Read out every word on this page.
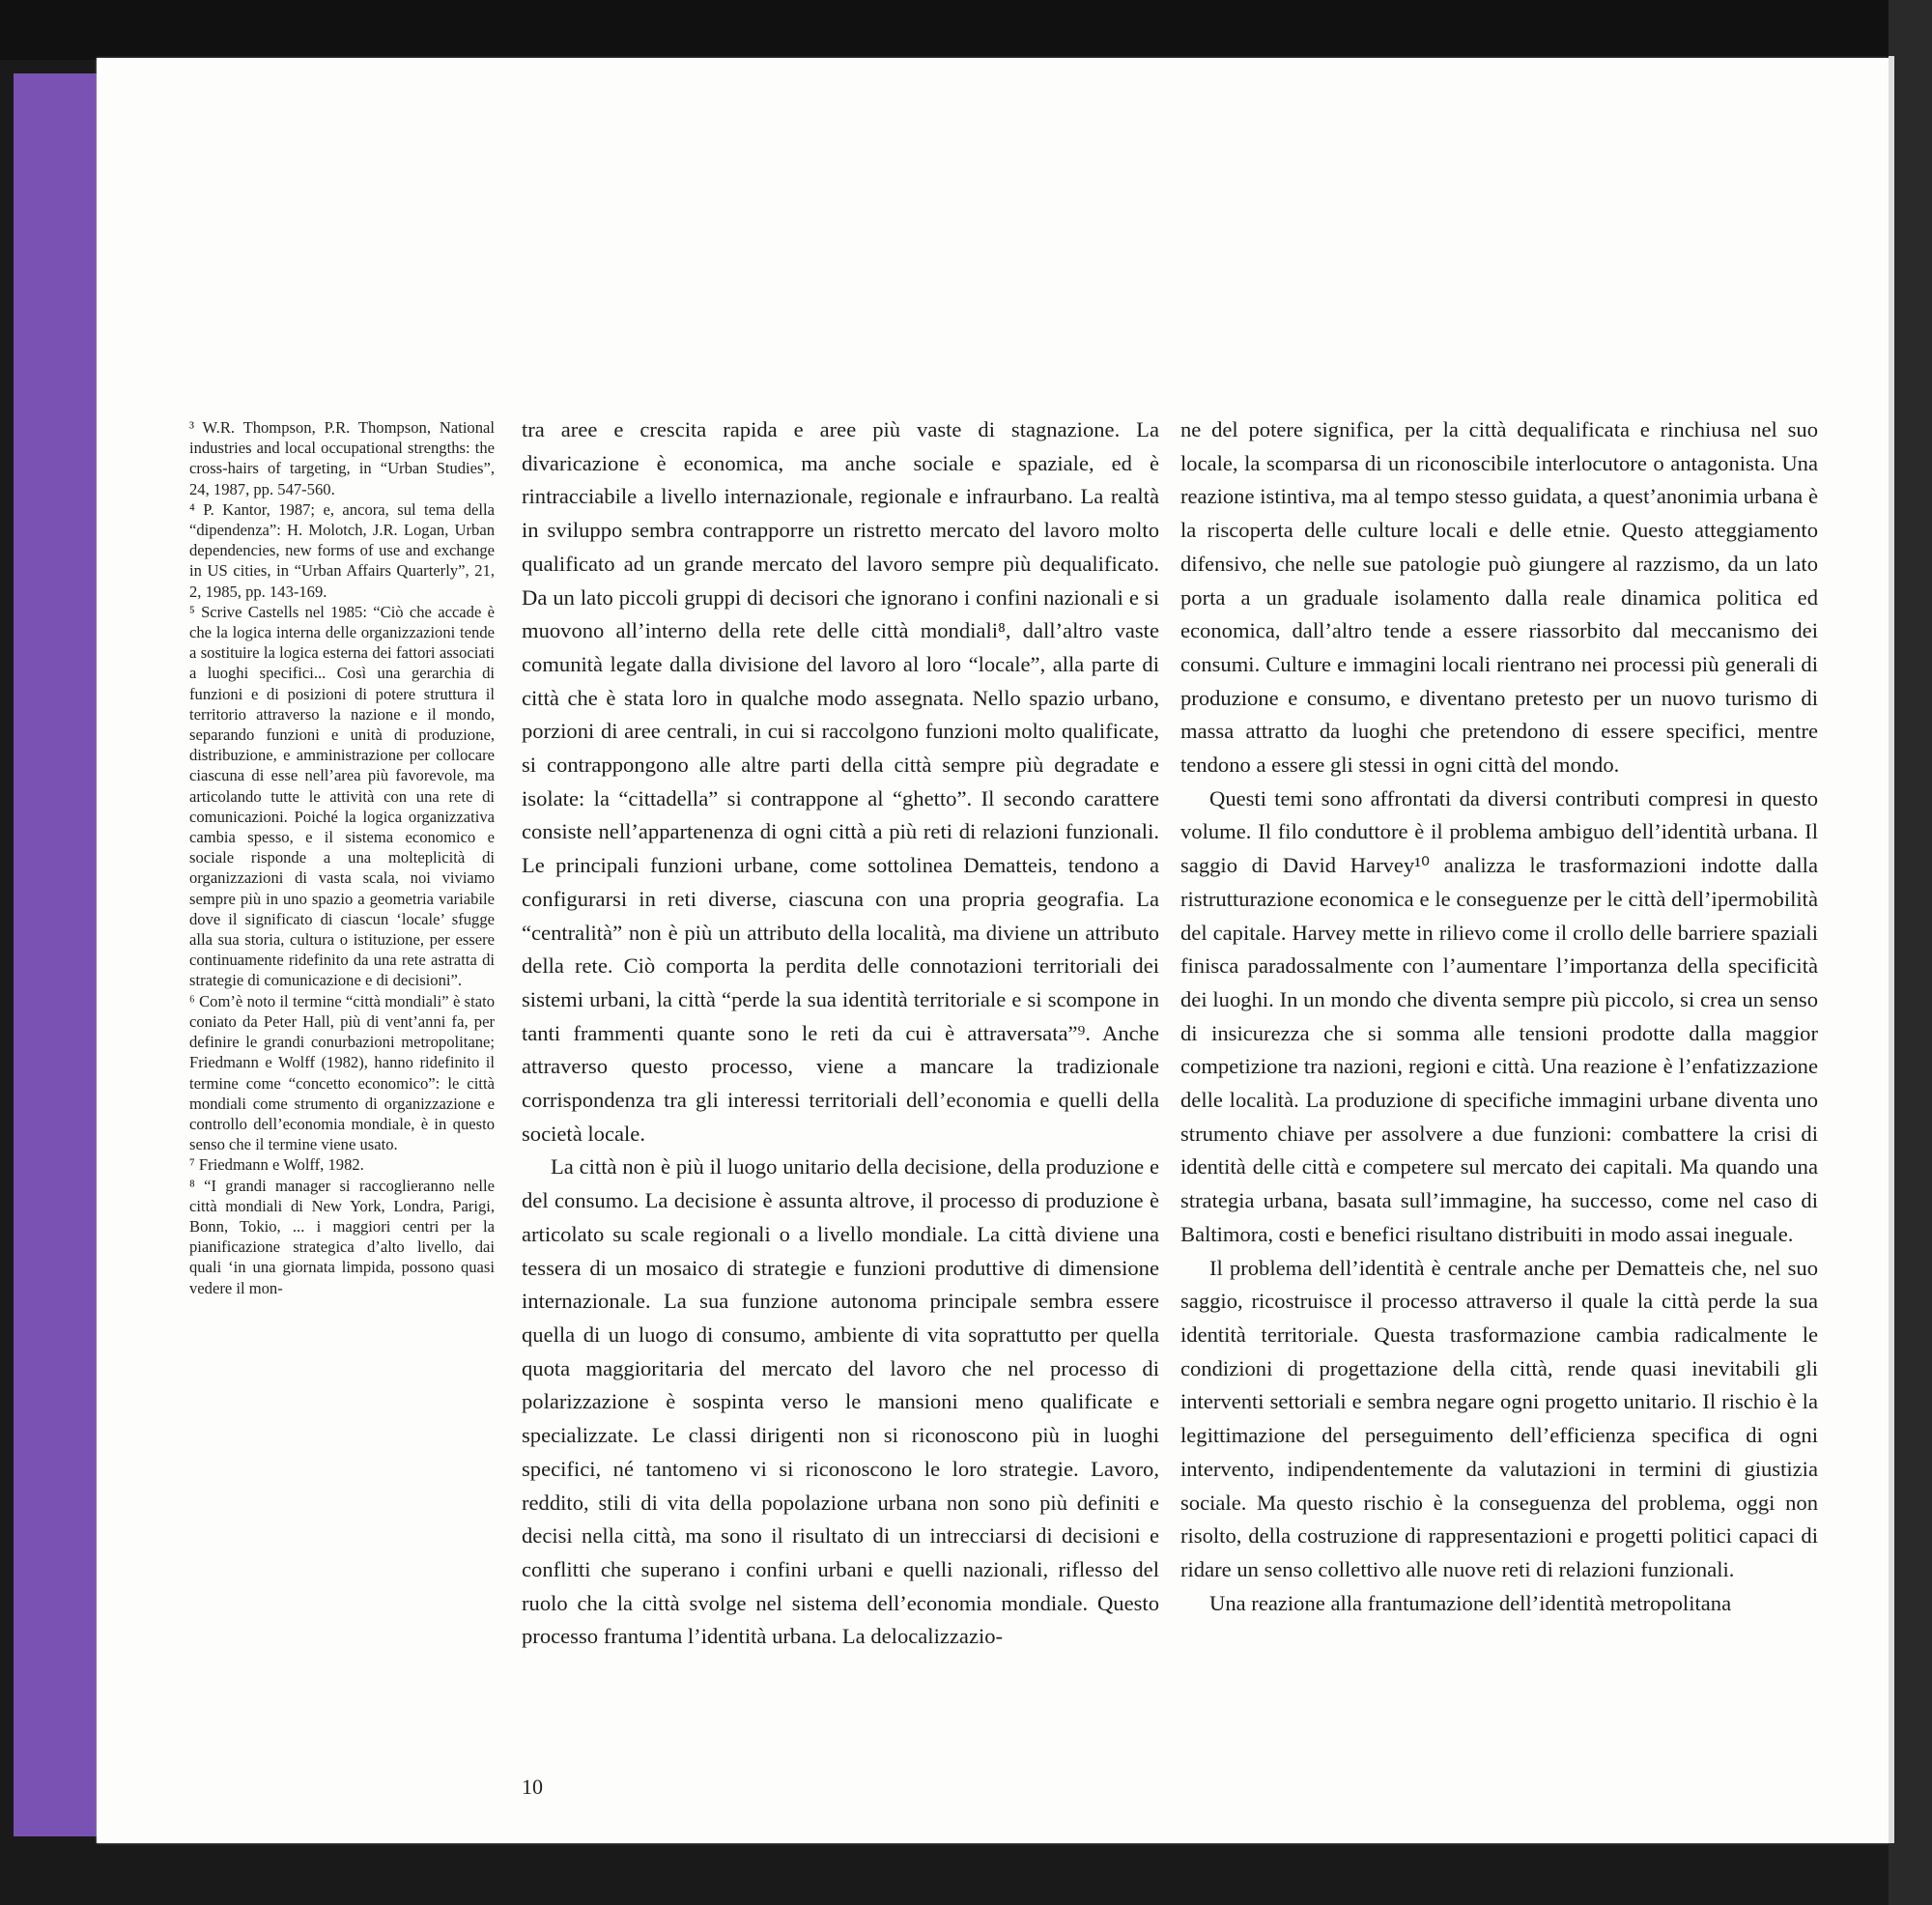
³ W.R. Thompson, P.R. Thompson, National industries and local occupational strengths: the cross-hairs of targeting, in “Urban Studies”, 24, 1987, pp. 547-560.

⁴ P. Kantor, 1987; e, ancora, sul tema della “dipendenza”: H. Molotch, J.R. Logan, Urban dependencies, new forms of use and exchange in US cities, in “Urban Affairs Quarterly”, 21, 2, 1985, pp. 143-169.

⁵ Scrive Castells nel 1985: “Ciò che accade è che la logica interna delle organizzazioni tende a sostituire la logica esterna dei fattori associati a luoghi specifici... Così una gerarchia di funzioni e di posizioni di potere struttura il territorio attraverso la nazione e il mondo, separando funzioni e unità di produzione, distribuzione, e amministrazione per collocare ciascuna di esse nell’area più favorevole, ma articolando tutte le attività con una rete di comunicazioni. Poiché la logica organizzativa cambia spesso, e il sistema economico e sociale risponde a una molteplicità di organizzazioni di vasta scala, noi viviamo sempre più in uno spazio a geometria variabile dove il significato di ciascun ‘locale’ sfugge alla sua storia, cultura o istituzione, per essere continuamente ridefinito da una rete astratta di strategie di comunicazione e di decisioni”.

⁶ Com’è noto il termine “città mondiali” è stato coniato da Peter Hall, più di vent’anni fa, per definire le grandi conurbazioni metropolitane; Friedmann e Wolff (1982), hanno ridefinito il termine come “concetto economico”: le città mondiali come strumento di organizzazione e controllo dell’economia mondiale, è in questo senso che il termine viene usato.

⁷ Friedmann e Wolff, 1982.

⁸ “I grandi manager si raccoglieranno nelle città mondiali di New York, Londra, Parigi, Bonn, Tokio, ... i maggiori centri per la pianificazione strategica d’alto livello, dai quali ‘in una giornata limpida, possono quasi vedere il mon-

tra aree e crescita rapida e aree più vaste di stagnazione. La divaricazione è economica, ma anche sociale e spaziale, ed è rintracciabile a livello internazionale, regionale e infraurbano. La realtà in sviluppo sembra contrapporre un ristretto mercato del lavoro molto qualificato ad un grande mercato del lavoro sempre più dequalificato. Da un lato piccoli gruppi di decisori che ignorano i confini nazionali e si muovono all’interno della rete delle città mondiali⁸, dall’altro vaste comunità legate dalla divisione del lavoro al loro “locale”, alla parte di città che è stata loro in qualche modo assegnata. Nello spazio urbano, porzioni di aree centrali, in cui si raccolgono funzioni molto qualificate, si contrappongono alle altre parti della città sempre più degradate e isolate: la “cittadella” si contrappone al “ghetto”. Il secondo carattere consiste nell’appartenenza di ogni città a più reti di relazioni funzionali. Le principali funzioni urbane, come sottolinea Dematteis, tendono a configurarsi in reti diverse, ciascuna con una propria geografia. La “centralità” non è più un attributo della località, ma diviene un attributo della rete. Ciò comporta la perdita delle connotazioni territoriali dei sistemi urbani, la città “perde la sua identità territoriale e si scompone in tanti frammenti quante sono le reti da cui è attraversata”⁹. Anche attraverso questo processo, viene a mancare la tradizionale corrispondenza tra gli interessi territoriali dell’economia e quelli della società locale.

La città non è più il luogo unitario della decisione, della produzione e del consumo. La decisione è assunta altrove, il processo di produzione è articolato su scale regionali o a livello mondiale. La città diviene una tessera di un mosaico di strategie e funzioni produttive di dimensione internazionale. La sua funzione autonoma principale sembra essere quella di un luogo di consumo, ambiente di vita soprattutto per quella quota maggioritaria del mercato del lavoro che nel processo di polarizzazione è sospinta verso le mansioni meno qualificate e specializzate. Le classi dirigenti non si riconoscono più in luoghi specifici, né tantomeno vi si riconoscono le loro strategie. Lavoro, reddito, stili di vita della popolazione urbana non sono più definiti e decisi nella città, ma sono il risultato di un intrecciarsi di decisioni e conflitti che superano i confini urbani e quelli nazionali, riflesso del ruolo che la città svolge nel sistema dell’economia mondiale. Questo processo frantuma l’identità urbana. La delocalizzazio-

10

ne del potere significa, per la città dequalificata e rinchiusa nel suo locale, la scomparsa di un riconoscibile interlocutore o antagonista. Una reazione istintiva, ma al tempo stesso guidata, a quest’anonimia urbana è la riscoperta delle culture locali e delle etnie. Questo atteggiamento difensivo, che nelle sue patologie può giungere al razzismo, da un lato porta a un graduale isolamento dalla reale dinamica politica ed economica, dall’altro tende a essere riassorbito dal meccanismo dei consumi. Culture e immagini locali rientrano nei processi più generali di produzione e consumo, e diventano pretesto per un nuovo turismo di massa attratto da luoghi che pretendono di essere specifici, mentre tendono a essere gli stessi in ogni città del mondo.

Questi temi sono affrontati da diversi contributi compresi in questo volume. Il filo conduttore è il problema ambiguo dell’identità urbana. Il saggio di David Harvey¹⁰ analizza le trasformazioni indotte dalla ristrutturazione economica e le conseguenze per le città dell’ipermobilità del capitale. Harvey mette in rilievo come il crollo delle barriere spaziali finisca paradossalmente con l’aumentare l’importanza della specificità dei luoghi. In un mondo che diventa sempre più piccolo, si crea un senso di insicurezza che si somma alle tensioni prodotte dalla maggior competizione tra nazioni, regioni e città. Una reazione è l’enfatizzazione delle località. La produzione di specifiche immagini urbane diventa uno strumento chiave per assolvere a due funzioni: combattere la crisi di identità delle città e competere sul mercato dei capitali. Ma quando una strategia urbana, basata sull’immagine, ha successo, come nel caso di Baltimora, costi e benefici risultano distribuiti in modo assai ineguale.

Il problema dell’identità è centrale anche per Dematteis che, nel suo saggio, ricostruisce il processo attraverso il quale la città perde la sua identità territoriale. Questa trasformazione cambia radicalmente le condizioni di progettazione della città, rende quasi inevitabili gli interventi settoriali e sembra negare ogni progetto unitario. Il rischio è la legittimazione del perseguimento dell’efficienza specifica di ogni intervento, indipendentemente da valutazioni in termini di giustizia sociale. Ma questo rischio è la conseguenza del problema, oggi non risolto, della costruzione di rappresentazioni e progetti politici capaci di ridare un senso collettivo alle nuove reti di relazioni funzionali.

Una reazione alla frantumazione dell’identità metropolitana
